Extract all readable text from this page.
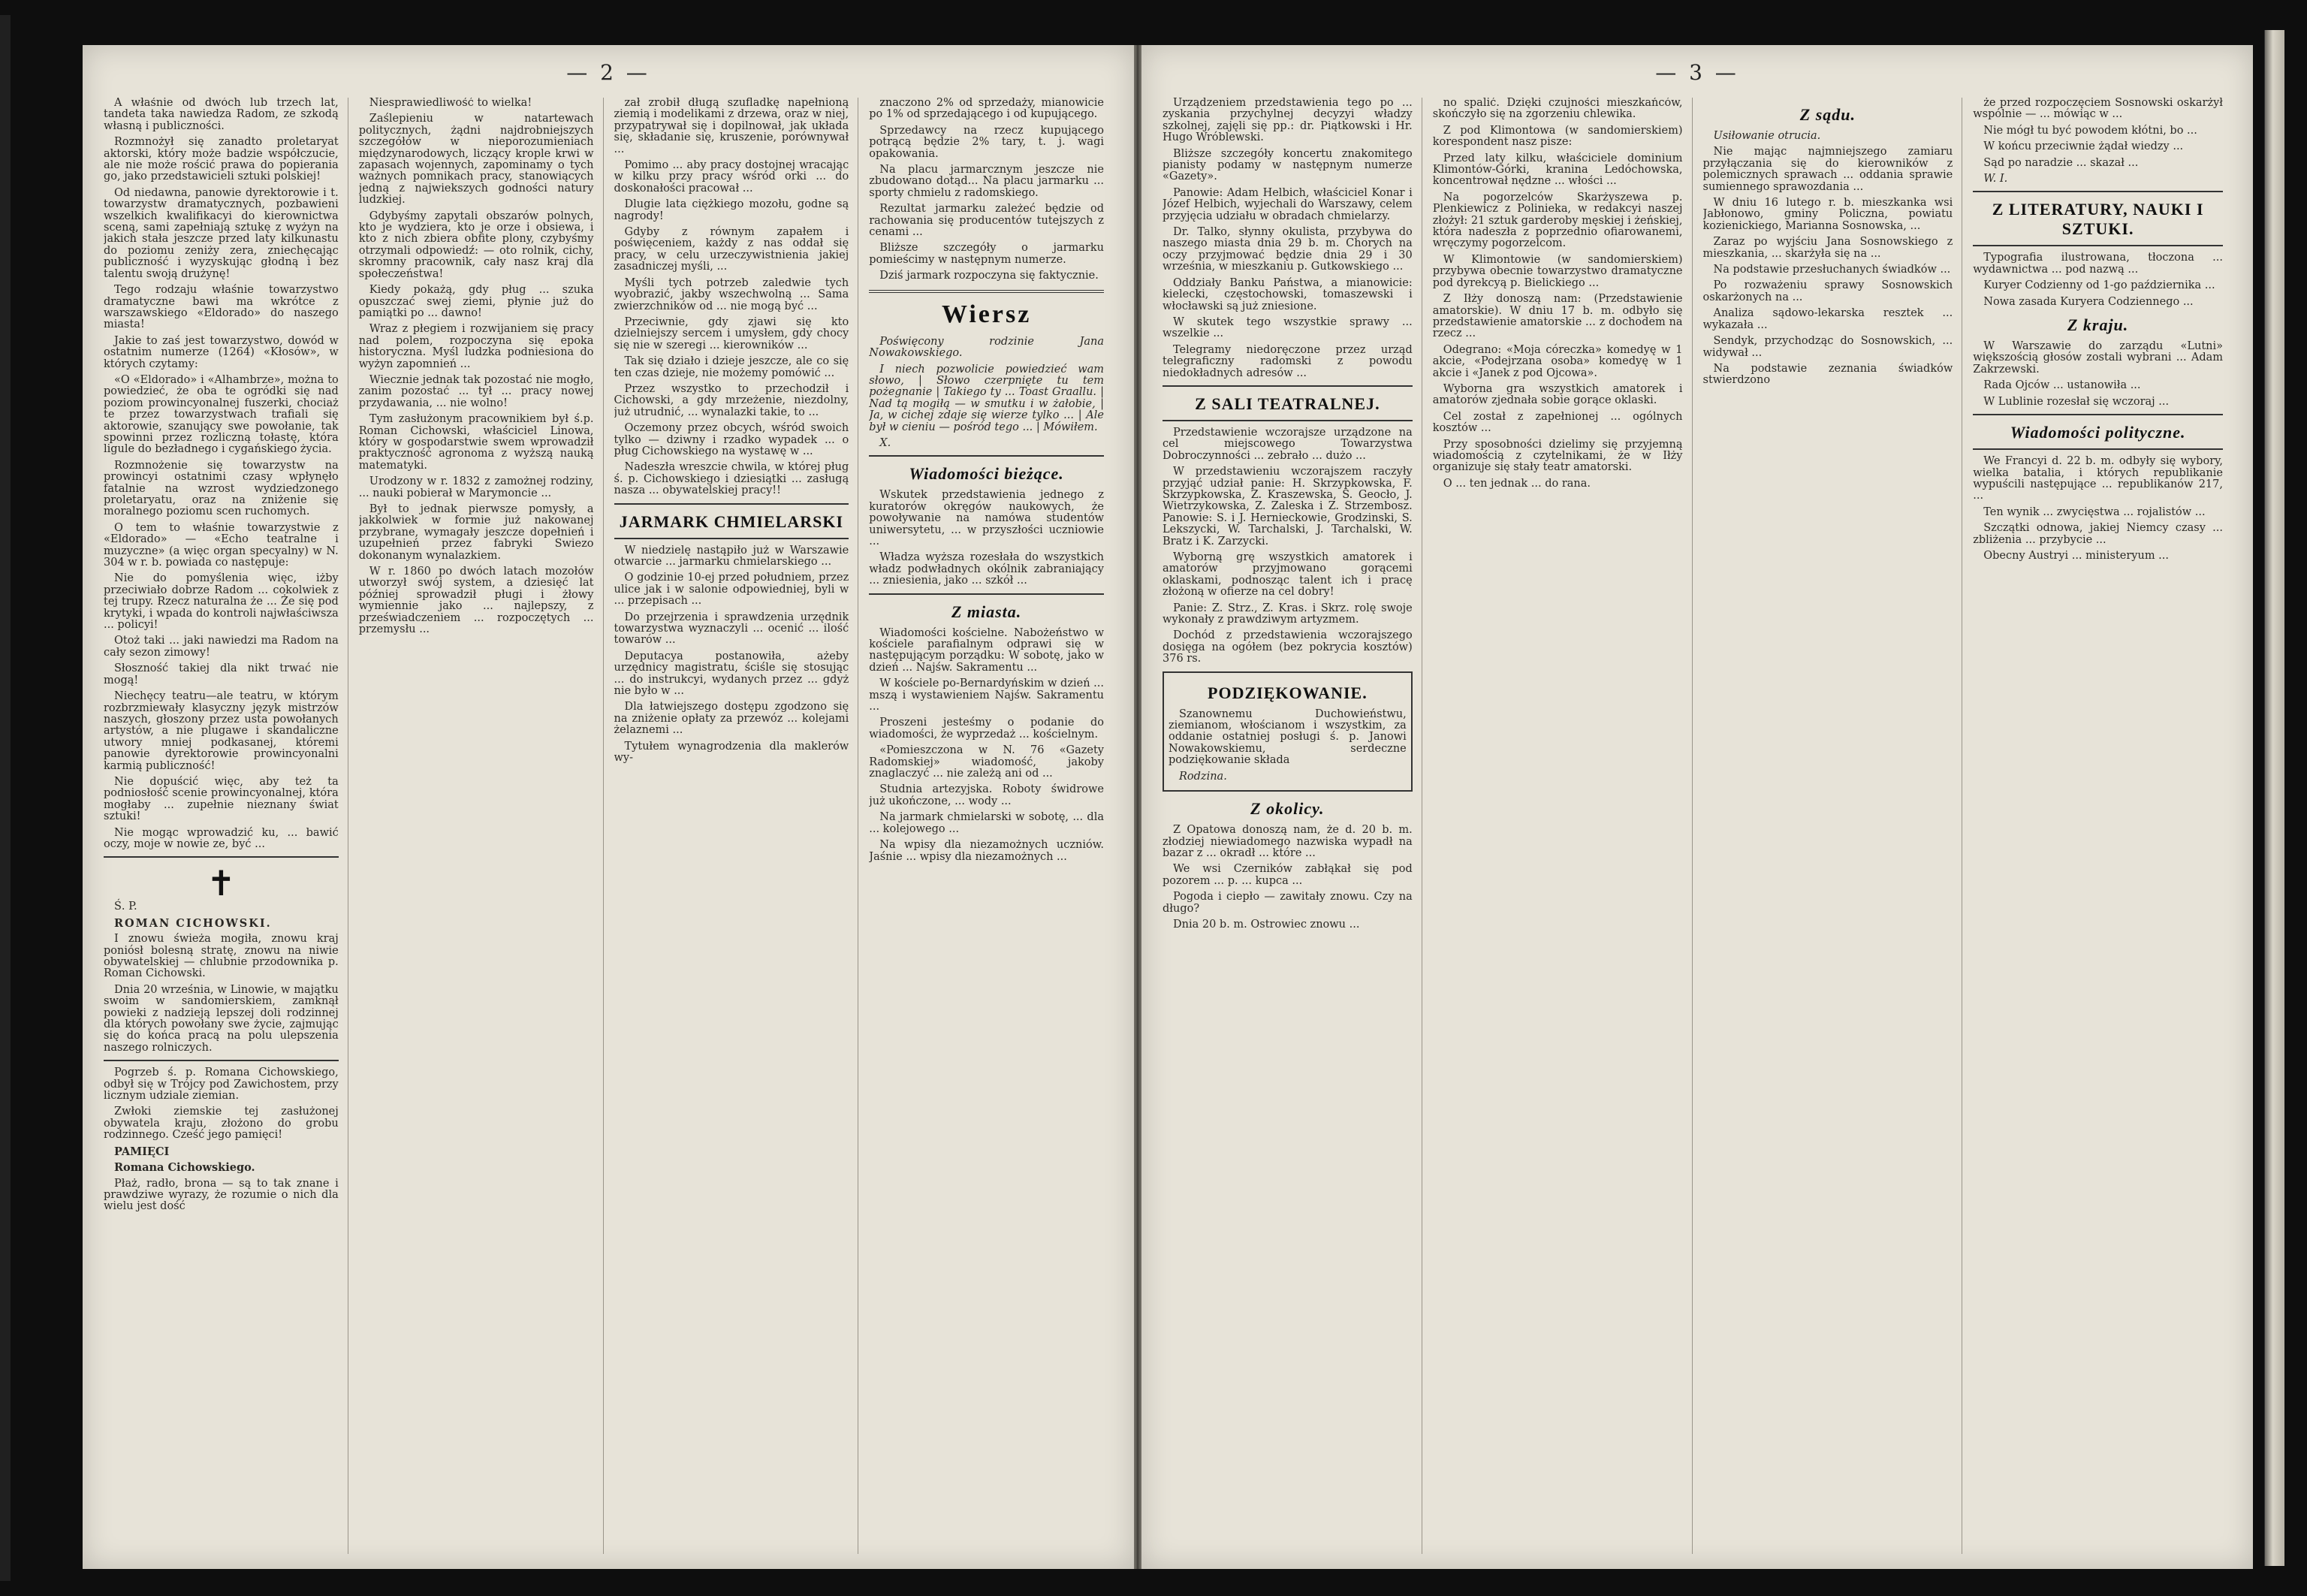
— 2 —

A właśnie od dwóch lub trzech lat, tandeta taka nawiedza Radom, ze szkodą własną i publiczności.

Rozmnożył się zanadto proletaryat aktorski, który może badzie współczucie, ale nie może rościć prawa do popierania go, jako przedstawicieli sztuki polskiej!

Od niedawna, panowie dyrektorowie i t. towarzystw dramatycznych, pozbawieni wszelkich kwalifikacyi do kierownictwa sceną, sami zapełniają sztukę z wyżyn na jakich stała jeszcze przed laty kilkunastu do poziomu zeniży zera, zniechęcając publiczność i wyzyskując głodną i bez talentu swoją drużynę!

Tego rodzaju właśnie towarzystwo dramatyczne bawi ma wkrótce z warszawskiego «Eldorado» do naszego miasta!

Jakie to zaś jest towarzystwo, dowód w ostatnim numerze (1264) «Kłosów», w których czytamy:

«O «Eldorado» i «Alhambrze», można to powiedzieć, że oba te ogródki się nad poziom prowincyonalnej fuszerki, chociaż te przez towarzystwach trafiali się aktorowie, szanujący swe powołanie, tak spowinni przez rozliczną tołastę, która ligule do bezładnego i cygańskiego życia.

Rozmnożenie się towarzystw na prowincyi ostatnimi czasy wpłynęło fatalnie na wzrost wydziedzonego proletaryatu, oraz na zniżenie się moralnego poziomu scen ruchomych.

O tem to właśnie towarzystwie z «Eldorado» — «Echo teatralne i muzyczne» (a więc organ specyalny) w N. 304 w r. b. powiada co następuje:

Nie do pomyślenia więc, iżby przeciwiało dobrze Radom ... cokolwiek z tej trupy. Rzecz naturalna że ... Że się pod krytyki, i wpada do kontroli najwłaściwsza ... policyi!

Otoż taki ... jaki nawiedzi ma Radom na cały sezon zimowy!

Słoszność takiej dla nikt trwać nie mogą!

Niechęcy teatru—ale teatru, w którym rozbrzmiewały klasyczny język mistrzów naszych, głoszony przez usta powołanych artystów, a nie plugawe i skandaliczne utwory mniej podkasanej, któremi panowie dyrektorowie prowincyonalni karmią publiczność!

Nie dopuścić więc, aby też ta podniosłość scenie prowincyonalnej, która mogłaby ... zupełnie nieznany świat sztuki!

Nie mogąc wprowadzić ku, ... bawić oczy, moje w nowie ze, być ...

✝

Ś. P.

ROMAN CICHOWSKI.

I znowu świeża mogiła, znowu kraj poniósł bolesną stratę, znowu na niwie obywatelskiej — chlubnie przodownika p. Roman Cichowski.

Dnia 20 września, w Linowie, w majątku swoim w sandomierskiem, zamknął powieki z nadzieją lepszej doli rodzinnej dla których powołany swe życie, zajmując się do końca pracą na polu ulepszenia naszego rolniczych.

Pogrzeb ś. p. Romana Cichowskiego, odbył się w Trójcy pod Zawichostem, przy licznym udziale ziemian.

Zwłoki ziemskie tej zasłużonej obywatela kraju, złożono do grobu rodzinnego. Cześć jego pamięci!

PAMIĘCI

Romana Cichowskiego.

Płaż, radło, brona — są to tak znane i prawdziwe wyrazy, że rozumie o nich dla wielu jest dość

Niesprawiedliwość to wielka!

Zaślepieniu w natartewach politycznych, żądni najdrobniejszych szczegółów w nieporozumieniach międzynarodowych, liczący krople krwi w zapasach wojennych, zapominamy o tych ważnych pomnikach pracy, stanowiących jedną z najwiekszych godności natury ludzkiej.

Gdybyśmy zapytali obszarów polnych, kto je wydziera, kto je orze i obsiewa, i kto z nich zbiera obfite plony, czybyśmy otrzymali odpowiedź: — oto rolnik, cichy, skromny pracownik, cały nasz kraj dla społeczeństwa!

Kiedy pokażą, gdy pług ... szuka opuszczać swej ziemi, płynie już do pamiątki po ... dawno!

Wraz z płegiem i rozwijaniem się pracy nad polem, rozpoczyna się epoka historyczna. Myśl ludzka podniesiona do wyżyn zapomnień ...

Wiecznie jednak tak pozostać nie mogło, zanim pozostać ... tył ... pracy nowej przydawania, ... nie wolno!

Tym zasłużonym pracownikiem był ś.p. Roman Cichowski, właściciel Linowa, który w gospodarstwie swem wprowadził praktyczność agronoma z wyższą nauką matematyki.

Urodzony w r. 1832 z zamożnej rodziny, ... nauki pobierał w Marymoncie ...

Był to jednak pierwsze pomysły, a jakkolwiek w formie już nakowanej przybrane, wymagały jeszcze dopełnień i uzupełnień przez fabryki Swiezo dokonanym wynalazkiem.

W r. 1860 po dwóch latach mozołów utworzył swój system, a dziesięć lat później sprowadził pługi i żłowy wymiennie jako ... najlepszy, z przeświadczeniem ... rozpoczętych ... przemysłu ...

zał zrobił długą szufladkę napełnioną ziemią i modelikami z drzewa, oraz w niej, przypatrywał się i dopilnował, jak układa się, składanie się, kruszenie, porównywał ...

Pomimo ... aby pracy dostojnej wracając w kilku przy pracy wśród orki ... do doskonałości pracował ...

Dlugie lata ciężkiego mozołu, godne są nagrody!

Gdyby z równym zapałem i poświęceniem, każdy z nas oddał się pracy, w celu urzeczywistnienia jakiej zasadniczej myśli, ...

Myśli tych potrzeb zaledwie tych wyobrazić, jakby wszechwolną ... Sama zwierzchników od ... nie mogą być ...

Przeciwnie, gdy zjawi się kto dzielniejszy sercem i umysłem, gdy chocy się nie w szeregi ... kierowników ...

Tak się działo i dzieje jeszcze, ale co się ten czas dzieje, nie możemy pomówić ...

Przez wszystko to przechodził i Cichowski, a gdy mrzeżenie, niezdolny, już utrudnić, ... wynalazki takie, to ...

Oczemony przez obcych, wśród swoich tylko — dziwny i rzadko wypadek ... o pług Cichowskiego na wystawę w ...

Nadeszła wreszcie chwila, w której pług ś. p. Cichowskiego i dziesiątki ... zasługą nasza ... obywatelskiej pracy!!

JARMARK CHMIELARSKI

W niedzielę nastąpiło już w Warszawie otwarcie ... jarmarku chmielarskiego ...

O godzinie 10-ej przed południem, przez ulice jak i w salonie odpowiedniej, byli w ... przepisach ...

Do przejrzenia i sprawdzenia urzędnik towarzystwa wyznaczyli ... ocenić ... ilość towarów ...

Deputacya postanowiła, ażeby urzędnicy magistratu, ściśle się stosując ... do instrukcyi, wydanych przez ... gdyż nie było w ...

Dla łatwiejszego dostępu zgodzono się na zniżenie opłaty za przewóz ... kolejami żelaznemi ...

Tytułem wynagrodzenia dla maklerów wy-

znaczono 2% od sprzedaży, mianowicie po 1% od sprzedającego i od kupującego.

Sprzedawcy na rzecz kupującego potrącą będzie 2% tary, t. j. wagi opakowania.

Na placu jarmarcznym jeszcze nie zbudowano dotąd... Na placu jarmarku ... sporty chmielu z radomskiego.

Rezultat jarmarku zależeć będzie od rachowania się producentów tutejszych z cenami ...

Bliższe szczegóły o jarmarku pomieścimy w następnym numerze.

Dziś jarmark rozpoczyna się faktycznie.

Wiersz

Poświęcony rodzinie Jana Nowakowskiego.

I niech pozwolicie powiedzieć wam słowo, | Słowo czerpnięte tu tem pożegnanie | Takiego ty ... Toast Graallu. | Nad tą mogiłą — w smutku i w żałobie, | Ja, w cichej zdaje się wierze tylko ... | Ale był w cieniu — pośród tego ... | Mówiłem.

X.

Wiadomości bieżące.

Wskutek przedstawienia jednego z kuratorów okręgów naukowych, że powoływanie na namówa studentów uniwersytetu, ... w przyszłości uczniowie ...

Władza wyższa rozesłała do wszystkich władz podwładnych okólnik zabraniający ... zniesienia, jako ... szkół ...

Z miasta.

Wiadomości kościelne. Nabożeństwo w kościele parafialnym odprawi się w następującym porządku: W sobotę, jako w dzień ... Najśw. Sakramentu ...

W kościele po-Bernardyńskim w dzień ... mszą i wystawieniem Najśw. Sakramentu ...

Proszeni jesteśmy o podanie do wiadomości, że wyprzedaż ... kościelnym.

«Pomieszczona w N. 76 «Gazety Radomskiej» wiadomość, jakoby znaglaczyć ... nie zależą ani od ...

Studnia artezyjska. Roboty świdrowe już ukończone, ... wody ...

Na jarmark chmielarski w sobotę, ... dla ... kolejowego ...

Na wpisy dla niezamożnych uczniów. Jaśnie ... wpisy dla niezamożnych ...

— 3 —

Urządzeniem przedstawienia tego po ... zyskania przychylnej decyzyi władzy szkolnej, zajęli się pp.: dr. Piątkowski i Hr. Hugo Wróblewski.

Bliższe szczegóły koncertu znakomitego pianisty podamy w następnym numerze «Gazety».

Panowie: Adam Helbich, właściciel Konar i Józef Helbich, wyjechali do Warszawy, celem przyjęcia udziału w obradach chmielarzy.

Dr. Talko, słynny okulista, przybywa do naszego miasta dnia 29 b. m. Chorych na oczy przyjmować będzie dnia 29 i 30 września, w mieszkaniu p. Gutkowskiego ...

Oddziały Banku Państwa, a mianowicie: kielecki, częstochowski, tomaszewski i włocławski są już zniesione.

W skutek tego wszystkie sprawy ... wszelkie ...

Telegramy niedoręczone przez urząd telegraficzny radomski z powodu niedokładnych adresów ...

Z SALI TEATRALNEJ.

Przedstawienie wczorajsze urządzone na cel miejscowego Towarzystwa Dobroczynności ... zebrało ... dużo ...

W przedstawieniu wczorajszem raczyły przyjąć udział panie: H. Skrzypkowska, F. Skrzypkowska, Z. Kraszewska, S. Geocło, J. Wietrzykowska, Z. Zaleska i Z. Strzembosz. Panowie: S. i J. Hernieckowie, Grodzinski, S. Lekszycki, W. Tarchalski, J. Tarchalski, W. Bratz i K. Zarzycki.

Wyborną grę wszystkich amatorek i amatorów przyjmowano gorącemi oklaskami, podnosząc talent ich i pracę złożoną w ofierze na cel dobry!

Panie: Z. Strz., Z. Kras. i Skrz. rolę swoje wykonały z prawdziwym artyzmem.

Dochód z przedstawienia wczorajszego dosięga na ogółem (bez pokrycia kosztów) 376 rs.

PODZIĘKOWANIE.

Szanownemu Duchowieństwu, ziemianom, włościanom i wszystkim, za oddanie ostatniej posługi ś. p. Janowi Nowakowskiemu, serdeczne podziękowanie składa

Rodzina.

Z okolicy.

Z Opatowa donoszą nam, że d. 20 b. m. złodziej niewiadomego nazwiska wypadł na bazar z ... okradł ... które ...

We wsi Czerników zabłąkał się pod pozorem ... p. ... kupca ...

Pogoda i ciepło — zawitały znowu. Czy na długo?

Dnia 20 b. m. Ostrowiec znowu ...

no spalić. Dzięki czujności mieszkańców, skończyło się na zgorzeniu chlewika.

Z pod Klimontowa (w sandomierskiem) korespondent nasz pisze:

Przed laty kilku, właściciele dominium Klimontów-Górki, kranina Ledóchowska, koncentrował nędzne ... włości ...

Na pogorzelców Skarżyszewa p. Plenkiewicz z Polinieka, w redakcyi naszej złożył: 21 sztuk garderoby męskiej i żeńskiej, która nadeszła z poprzednio ofiarowanemi, wręczymy pogorzelcom.

W Klimontowie (w sandomierskiem) przybywa obecnie towarzystwo dramatyczne pod dyrekcyą p. Bielickiego ...

Z Iłży donoszą nam: (Przedstawienie amatorskie). W dniu 17 b. m. odbyło się przedstawienie amatorskie ... z dochodem na rzecz ...

Odegrano: «Moja córeczka» komedyę w 1 akcie, «Podejrzana osoba» komedyę w 1 akcie i «Janek z pod Ojcowa».

Wyborna gra wszystkich amatorek i amatorów zjednała sobie gorące oklaski.

Cel został z zapełnionej ... ogólnych kosztów ...

Przy sposobności dzielimy się przyjemną wiadomością z czytelnikami, że w Iłży organizuje się stały teatr amatorski.

O ... ten jednak ... do rana.

Z sądu.

Usiłowanie otrucia.

Nie mając najmniejszego zamiaru przyłączania się do kierowników z polemicznych sprawach ... oddania sprawie sumiennego sprawozdania ...

W dniu 16 lutego r. b. mieszkanka wsi Jabłonowo, gminy Policzna, powiatu kozienickiego, Marianna Sosnowska, ...

Zaraz po wyjściu Jana Sosnowskiego z mieszkania, ... skarżyła się na ...

Na podstawie przesłuchanych świadków ...

Po rozważeniu sprawy Sosnowskich oskarżonych na ...

Analiza sądowo-lekarska resztek ... wykazała ...

Sendyk, przychodząc do Sosnowskich, ... widywał ...

Na podstawie zeznania świadków stwierdzono

że przed rozpoczęciem Sosnowski oskarżył wspólnie — ... mówiąc w ...

Nie mógł tu być powodem kłótni, bo ...

W końcu przeciwnie żądał wiedzy ...

Sąd po naradzie ... skazał ...

W. I.

Z LITERATURY, NAUKI I SZTUKI.

Typografia ilustrowana, tłoczona ... wydawnictwa ... pod nazwą ...

Kuryer Codzienny od 1-go października ...

Nowa zasada Kuryera Codziennego ...

Z kraju.

W Warszawie do zarządu «Lutni» większością głosów zostali wybrani ... Adam Zakrzewski.

Rada Ojców ... ustanowiła ...

W Lublinie rozesłał się wczoraj ...

Wiadomości polityczne.

We Francyi d. 22 b. m. odbyły się wybory, wielka batalia, i których republikanie wypuścili następujące ... republikanów 217, ...

Ten wynik ... zwycięstwa ... rojalistów ...

Szczątki odnowa, jakiej Niemcy czasy ... zbliżenia ... przybycie ...

Obecny Austryi ... ministeryum ...
